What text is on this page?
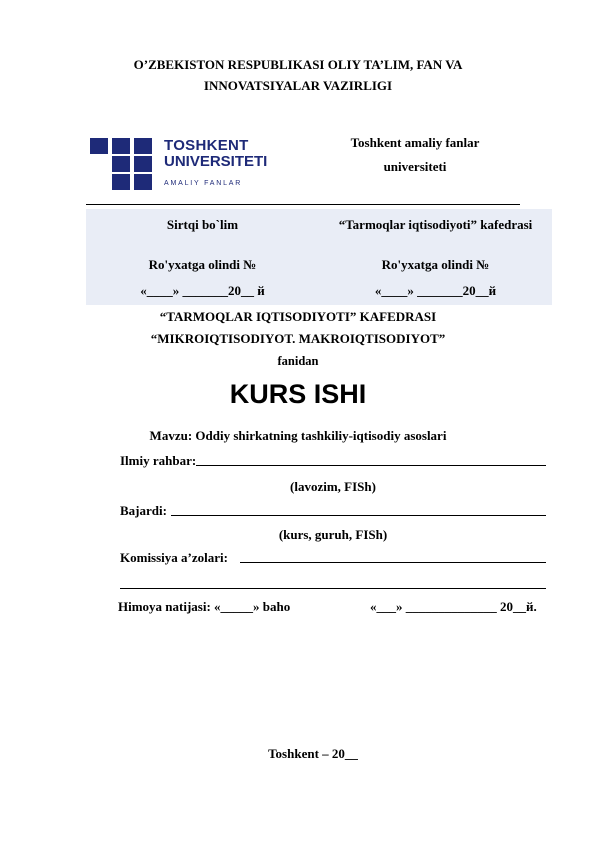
O’ZBEKISTON RESPUBLIKASI OLIY TA’LIM, FAN VA
INNOVATSIYALAR VAZIRLIGI
TOSHKENT
UNIVERSITETI
AMALIY FANLAR
Toshkent amaliy fanlar
universiteti
Sirtqi bo`lim
Ro'yxatga olindi №
«____» _______20__ й
“Tarmoqlar iqtisodiyoti” kafedrasi
Ro'yxatga olindi №
«____» _______20__й
“TARMOQLAR IQTISODIYOTI” KAFEDRASI
“MIKROIQTISODIYOT. MAKROIQTISODIYOT”
fanidan
KURS ISHI
Mavzu: Oddiy shirkatning tashkiliy-iqtisodiy asoslari
Ilmiy rahbar:
(lavozim, FISh)
Bajardi:
(kurs, guruh, FISh)
Komissiya a’zolari:
Himoya natijasi: «_____» baho	«___» ______________ 20__й.
Toshkent – 20__
